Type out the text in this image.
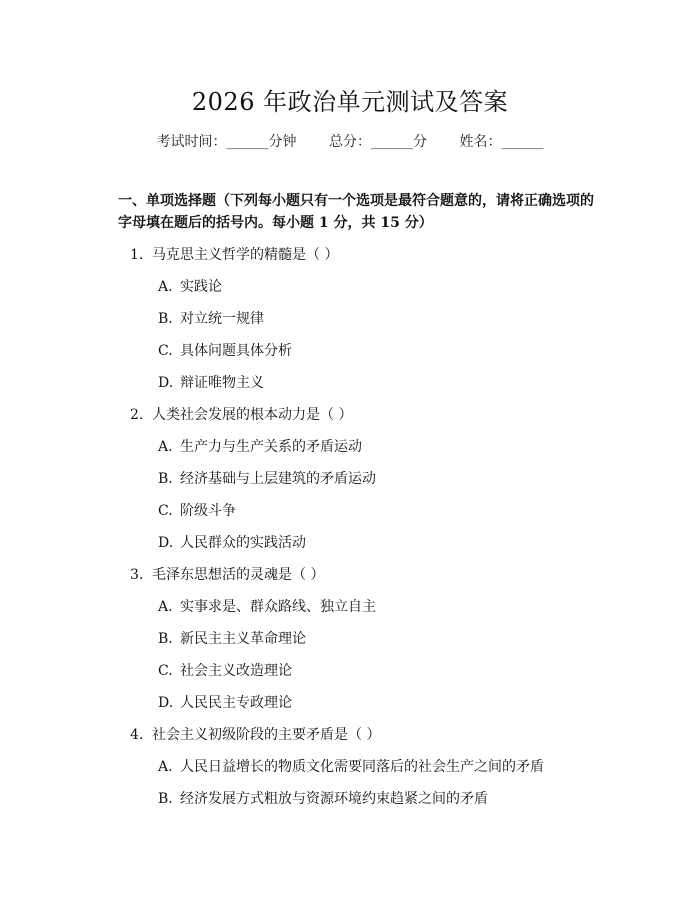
2026 年政治单元测试及答案
考试时间：______分钟 总分：______分 姓名：______
一、单项选择题（下列每小题只有一个选项是最符合题意的，请将正确选项的字母填在题后的括号内。每小题 1 分，共 15 分）
1. 马克思主义哲学的精髓是（ ）
A. 实践论
B. 对立统一规律
C. 具体问题具体分析
D. 辩证唯物主义
2. 人类社会发展的根本动力是（ ）
A. 生产力与生产关系的矛盾运动
B. 经济基础与上层建筑的矛盾运动
C. 阶级斗争
D. 人民群众的实践活动
3. 毛泽东思想活的灵魂是（ ）
A. 实事求是、群众路线、独立自主
B. 新民主主义革命理论
C. 社会主义改造理论
D. 人民民主专政理论
4. 社会主义初级阶段的主要矛盾是（ ）
A. 人民日益增长的物质文化需要同落后的社会生产之间的矛盾
B. 经济发展方式粗放与资源环境约束趋紧之间的矛盾
